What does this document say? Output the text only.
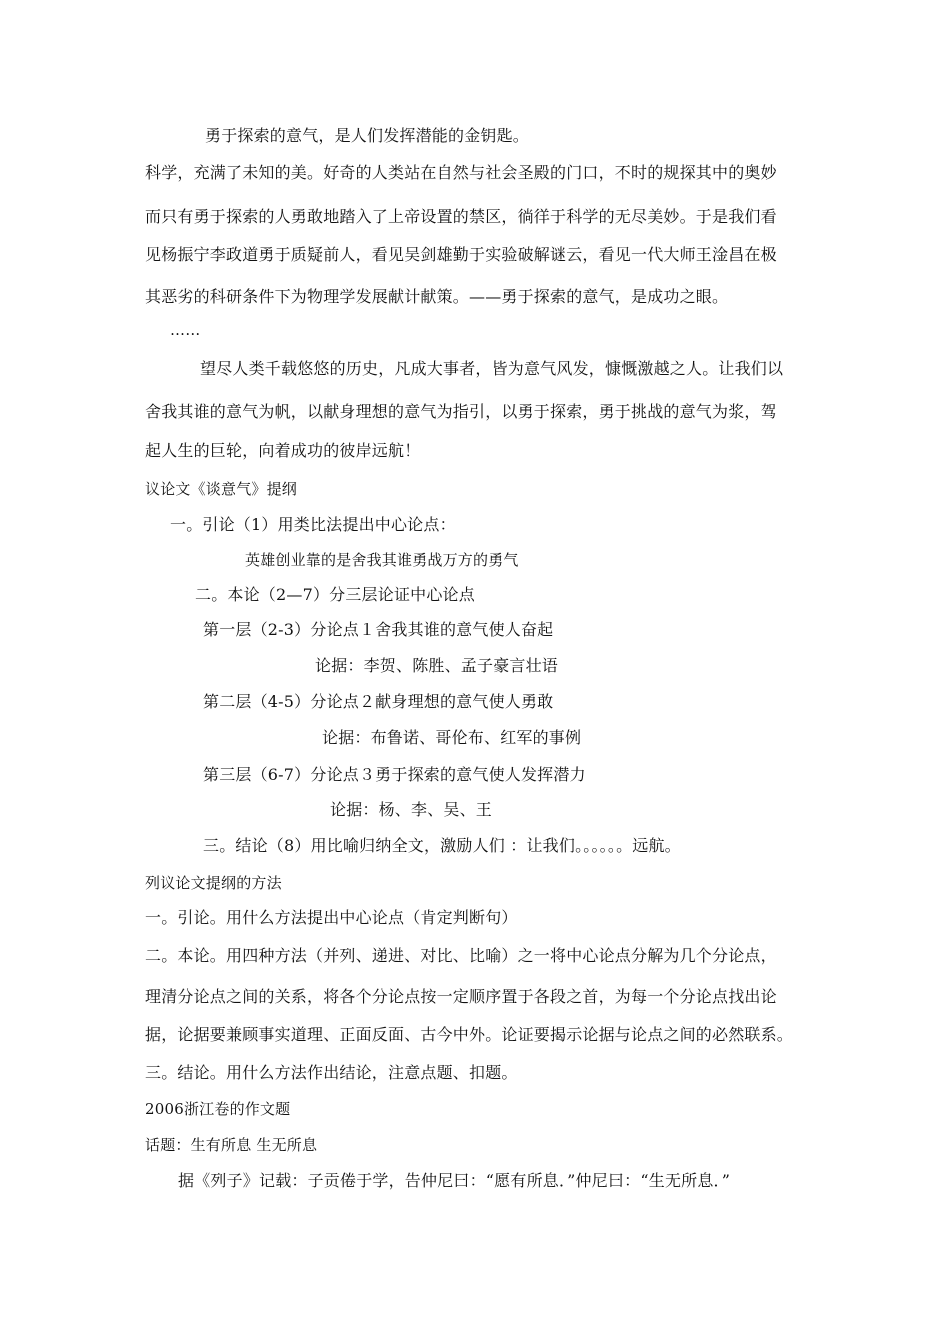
勇于探索的意气，是人们发挥潜能的金钥匙。
科学，充满了未知的美。好奇的人类站在自然与社会圣殿的门口，不时的规探其中的奥妙
而只有勇于探索的人勇敢地踏入了上帝设置的禁区，徜徉于科学的无尽美妙。于是我们看
见杨振宁李政道勇于质疑前人，看见吴剑雄勤于实验破解谜云，看见一代大师王淦昌在极
其恶劣的科研条件下为物理学发展献计献策。——勇于探索的意气，是成功之眼。
……
望尽人类千载悠悠的历史，凡成大事者，皆为意气风发，慷慨激越之人。让我们以
舍我其谁的意气为帆，以献身理想的意气为指引，以勇于探索，勇于挑战的意气为浆，驾
起人生的巨轮，向着成功的彼岸远航！
议论文《谈意气》提纲
一。引论（1）用类比法提出中心论点：
英雄创业靠的是舍我其谁勇战万方的勇气
二。本论（2—7）分三层论证中心论点
第一层（2-3）分论点１舍我其谁的意气使人奋起
论据：李贺、陈胜、孟子豪言壮语
第二层（4-5）分论点２献身理想的意气使人勇敢
论据：布鲁诺、哥伦布、红军的事例
第三层（6-7）分论点３勇于探索的意气使人发挥潜力
论据：杨、李、吴、王
三。结论（8）用比喻归纳全文，激励人们 ：让我们。。。。。。远航。
列议论文提纲的方法
一。引论。用什么方法提出中心论点（肯定判断句）
二。本论。用四种方法（并列、递进、对比、比喻）之一将中心论点分解为几个分论点，
理清分论点之间的关系，将各个分论点按一定顺序置于各段之首，为每一个分论点找出论
据，论据要兼顾事实道理、正面反面、古今中外。论证要揭示论据与论点之间的必然联系。
三。结论。用什么方法作出结论，注意点题、扣题。
2006浙江卷的作文题
话题：生有所息 生无所息
据《列子》记载：子贡倦于学，告仲尼曰：“愿有所息．”仲尼曰：“生无所息．”
